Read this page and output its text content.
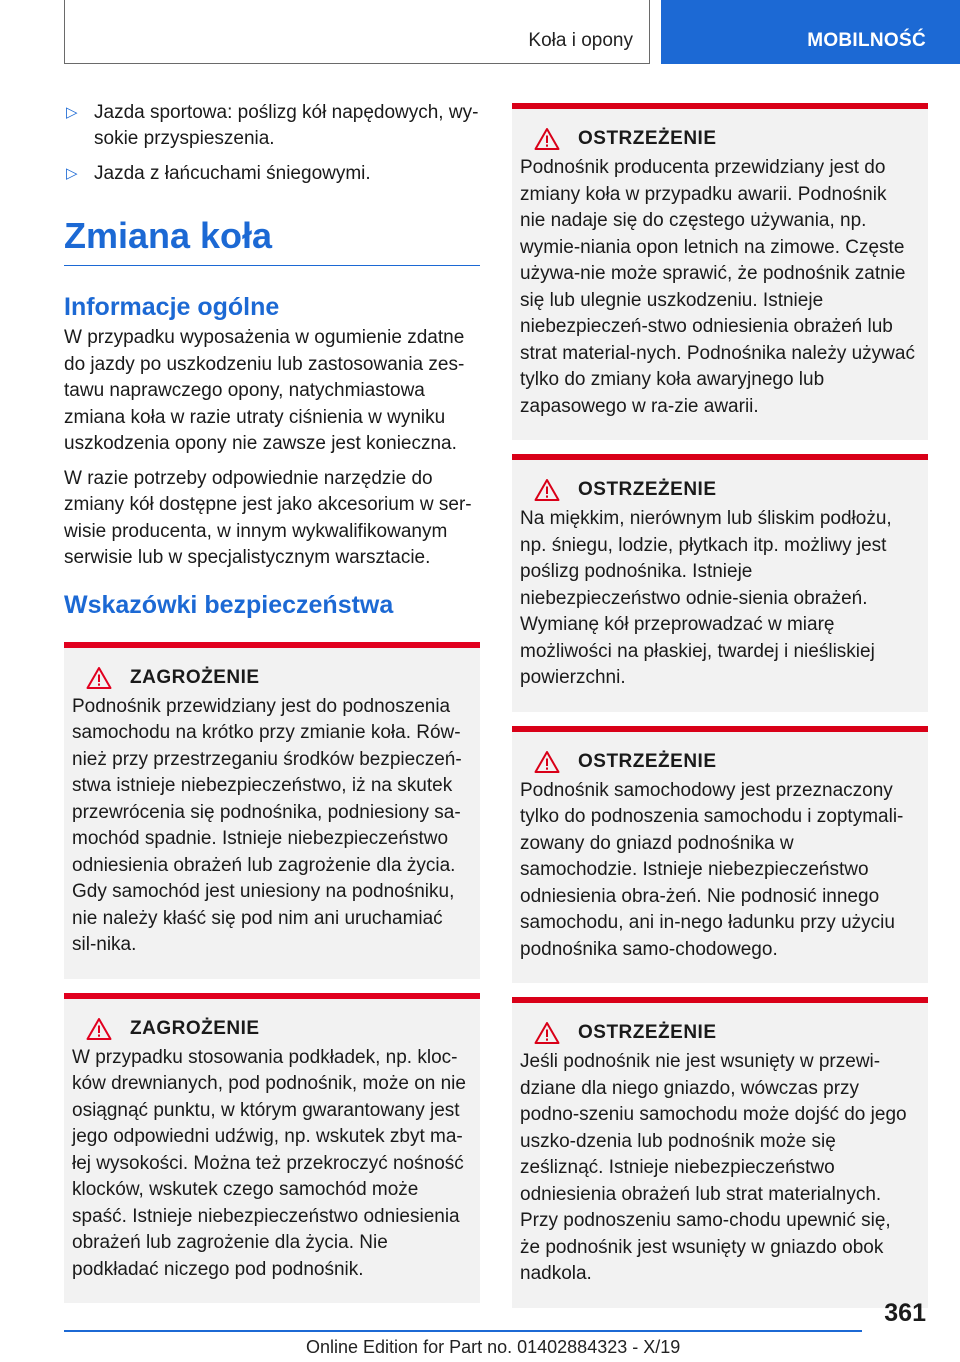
Koła i opony	MOBILNOŚĆ
▷ Jazda sportowa: poślizg kół napędowych, wy‐sokie przyspieszenia.
▷ Jazda z łańcuchami śniegowymi.
Zmiana koła
Informacje ogólne

W przypadku wyposażenia w ogumienie zdatne do jazdy po uszkodzeniu lub zastosowania zes‐tawu naprawczego opony, natychmiastowa zmiana koła w razie utraty ciśnienia w wyniku uszkodzenia opony nie zawsze jest konieczna.

W razie potrzeby odpowiednie narzędzie do zmiany kół dostępne jest jako akcesorium w ser‐wisie producenta, w innym wykwalifikowanym serwisie lub w specjalistycznym warsztacie.

Wskazówki bezpieczeństwa
ZAGROŻENIE

Podnośnik przewidziany jest do podnoszenia samochodu na krótko przy zmianie koła. Rów‐nież przy przestrzeganiu środków bezpieczeń‐stwa istnieje niebezpieczeństwo, iż na skutek przewrócenia się podnośnika, podniesiony sa‐mochód spadnie. Istnieje niebezpieczeństwo odniesienia obrażeń lub zagrożenie dla życia. Gdy samochód jest uniesiony na podnośniku, nie należy kłaść się pod nim ani uruchamiać sil‐nika.

ZAGROŻENIE

W przypadku stosowania podkładek, np. kloc‐ków drewnianych, pod podnośnik, może on nie osiągnąć punktu, w którym gwarantowany jest jego odpowiedni udźwig, np. wskutek zbyt ma‐łej wysokości. Można też przekroczyć nośność klocków, wskutek czego samochód może spaść. Istnieje niebezpieczeństwo odniesienia obrażeń lub zagrożenie dla życia. Nie podkładać niczego pod podnośnik.

OSTRZEŻENIE

Podnośnik producenta przewidziany jest do zmiany koła w przypadku awarii. Podnośnik nie nadaje się do częstego używania, np. wymie‐niania opon letnich na zimowe. Częste używa‐nie może sprawić, że podnośnik zatnie się lub ulegnie uszkodzeniu. Istnieje niebezpieczeń‐stwo odniesienia obrażeń lub strat material‐nych. Podnośnika należy używać tylko do zmiany koła awaryjnego lub zapasowego w ra‐zie awarii.

OSTRZEŻENIE

Na miękkim, nierównym lub śliskim podłożu, np. śniegu, lodzie, płytkach itp. możliwy jest poślizg podnośnika. Istnieje niebezpieczeństwo odnie‐sienia obrażeń. Wymianę kół przeprowadzać w miarę możliwości na płaskiej, twardej i nieśliskiej powierzchni.

OSTRZEŻENIE

Podnośnik samochodowy jest przeznaczony tylko do podnoszenia samochodu i zoptymali‐zowany do gniazd podnośnika w samochodzie. Istnieje niebezpieczeństwo odniesienia obra‐żeń. Nie podnosić innego samochodu, ani in‐nego ładunku przy użyciu podnośnika samo‐chodowego.

OSTRZEŻENIE

Jeśli podnośnik nie jest wsunięty w przewi‐dziane dla niego gniazdo, wówczas przy podno‐szeniu samochodu może dojść do jego uszko‐dzenia lub podnośnik może się ześliznąć. Istnieje niebezpieczeństwo odniesienia obrażeń lub strat materialnych. Przy podnoszeniu samo‐chodu upewnić się, że podnośnik jest wsunięty w gniazdo obok nadkola.

361
Online Edition for Part no. 01402884323 - X/19
